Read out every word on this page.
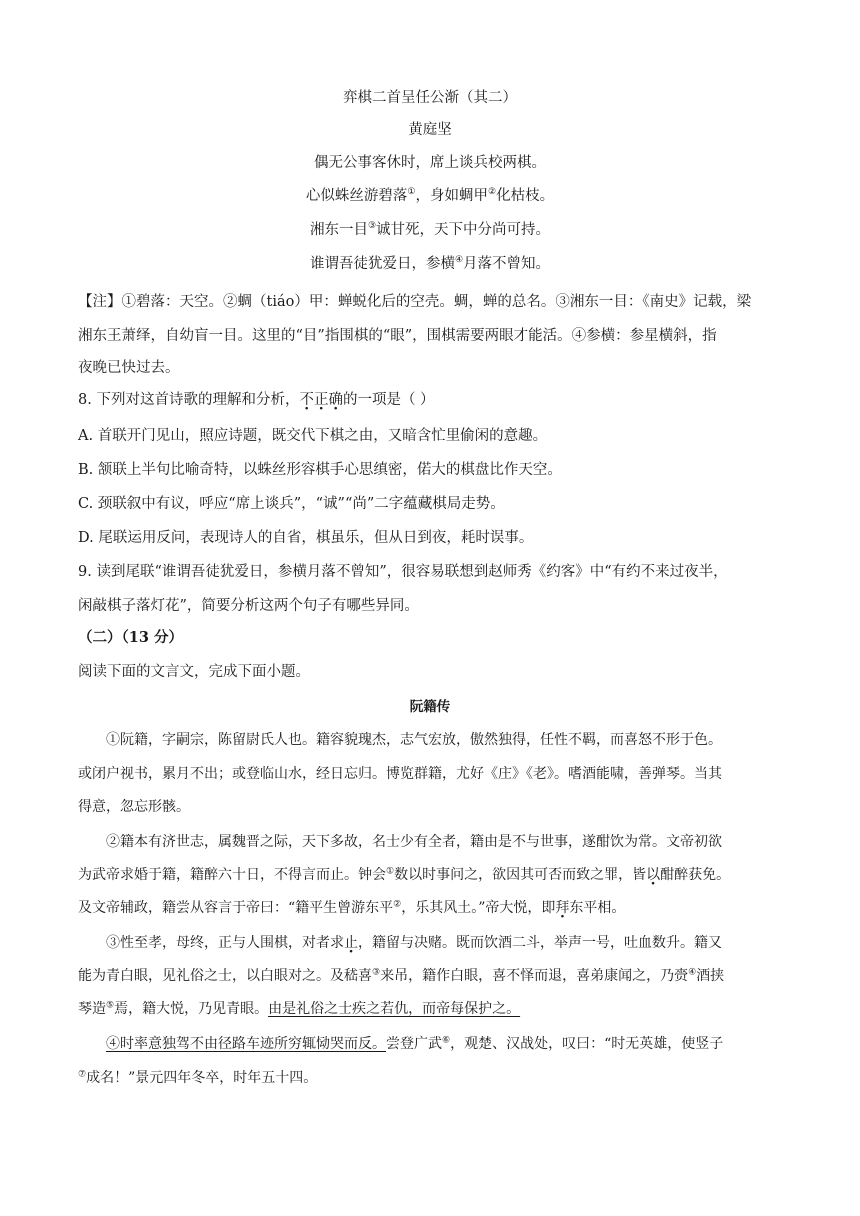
弈棋二首呈任公渐（其二）
黄庭坚
偶无公事客休时，席上谈兵校两棋。
心似蛛丝游碧落①，身如蜩甲②化枯枝。
湘东一目③诚甘死，天下中分尚可持。
谁谓吾徒犹爱日，参横④月落不曾知。
【注】①碧落：天空。②蜩（tiáo）甲：蝉蜕化后的空壳。蜩，蝉的总名。③湘东一目：《南史》记载，梁
湘东王萧绎，自幼盲一目。这里的“目”指围棋的“眼”，围棋需要两眼才能活。④参横：参星横斜，指
夜晚已快过去。
8. 下列对这首诗歌的理解和分析，不正确的一项是（ ）
A. 首联开门见山，照应诗题，既交代下棋之由，又暗含忙里偷闲的意趣。
B. 颔联上半句比喻奇特，以蛛丝形容棋手心思缜密，偌大的棋盘比作天空。
C. 颈联叙中有议，呼应“席上谈兵”，“诚”“尚”二字蕴藏棋局走势。
D. 尾联运用反问，表现诗人的自省，棋虽乐，但从日到夜，耗时误事。
9. 读到尾联“谁谓吾徒犹爱日，参横月落不曾知”，很容易联想到赵师秀《约客》中“有约不来过夜半，
闲敲棋子落灯花”，简要分析这两个句子有哪些异同。
（二）（13 分）
阅读下面的文言文，完成下面小题。
阮籍传
①阮籍，字嗣宗，陈留尉氏人也。籍容貌瑰杰，志气宏放，傲然独得，任性不羁，而喜怒不形于色。
或闭户视书，累月不出；或登临山水，经日忘归。博览群籍，尤好《庄》《老》。嗜酒能啸，善弹琴。当其
得意，忽忘形骸。
②籍本有济世志，属魏晋之际，天下多故，名士少有全者，籍由是不与世事，遂酣饮为常。文帝初欲
为武帝求婚于籍，籍醉六十日，不得言而止。钟会①数以时事问之，欲因其可否而致之罪，皆以酣醉获免。
及文帝辅政，籍尝从容言于帝曰：“籍平生曾游东平②，乐其风土。”帝大悦，即拜东平相。
③性至孝，母终，正与人围棋，对者求止，籍留与决赌。既而饮酒二斗，举声一号，吐血数升。籍又
能为青白眼，见礼俗之士，以白眼对之。及嵇喜③来吊，籍作白眼，喜不怿而退，喜弟康闻之，乃赍④酒挟
琴造⑤焉，籍大悦，乃见青眼。由是礼俗之士疾之若仇，而帝每保护之。
④时率意独驾不由径路车迹所穷辄恸哭而反。尝登广武⑥，观楚、汉战处，叹曰：“时无英雄，使竖子
⑦成名！”景元四年冬卒，时年五十四。
